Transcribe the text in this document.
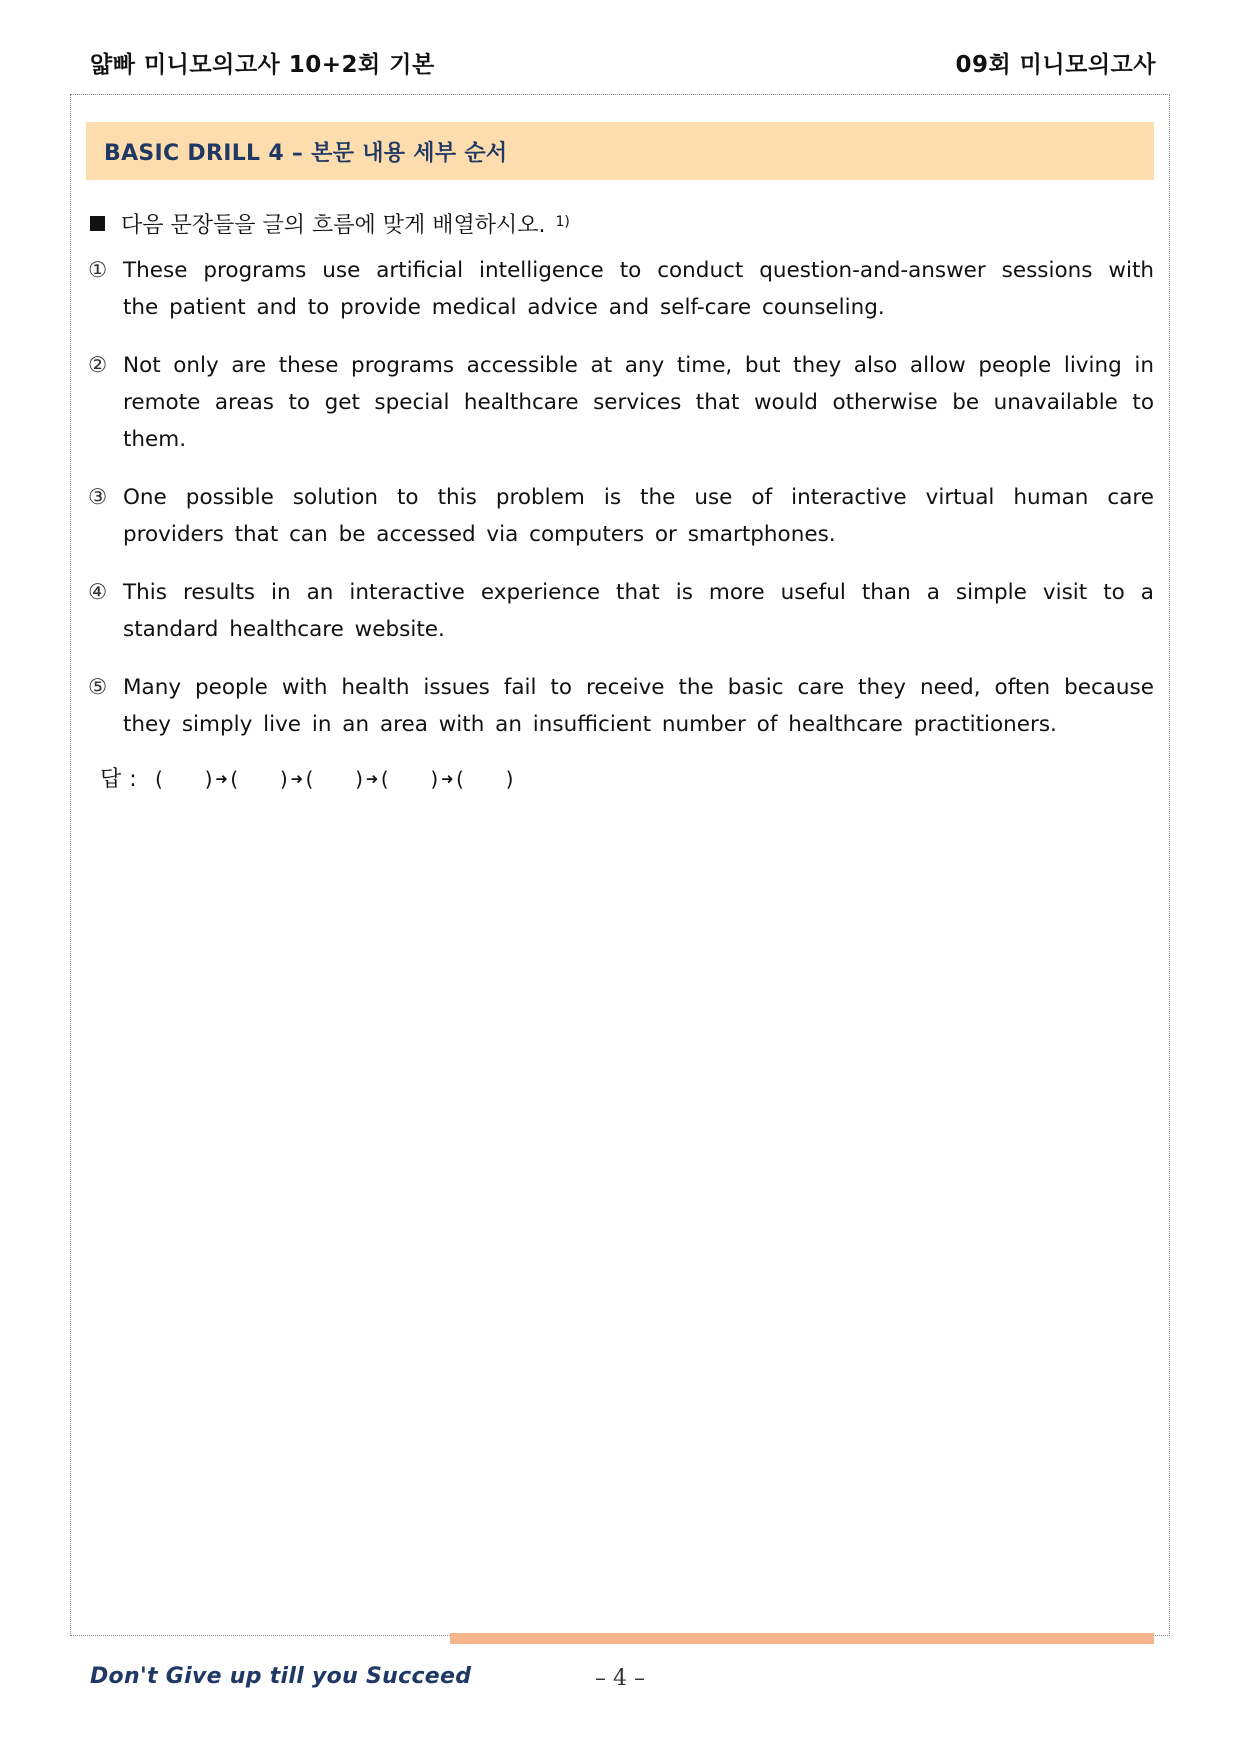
얇빠 미니모의고사 10+2회 기본	09회 미니모의고사
BASIC DRILL 4 – 본문 내용 세부 순서
다음 문장들을 글의 흐름에 맞게 배열하시오. 1)
① These programs use artificial intelligence to conduct question-and-answer sessions with the patient and to provide medical advice and self-care counseling.
② Not only are these programs accessible at any time, but they also allow people living in remote areas to get special healthcare services that would otherwise be unavailable to them.
③ One possible solution to this problem is the use of interactive virtual human care providers that can be accessed via computers or smartphones.
④ This results in an interactive experience that is more useful than a simple visit to a standard healthcare website.
⑤ Many people with health issues fail to receive the basic care they need, often because they simply live in an area with an insufficient number of healthcare practitioners.
답 : (   )➜(   )➜(   )➜(   )➜(   )
Don't Give up till you Succeed	– 4 –
